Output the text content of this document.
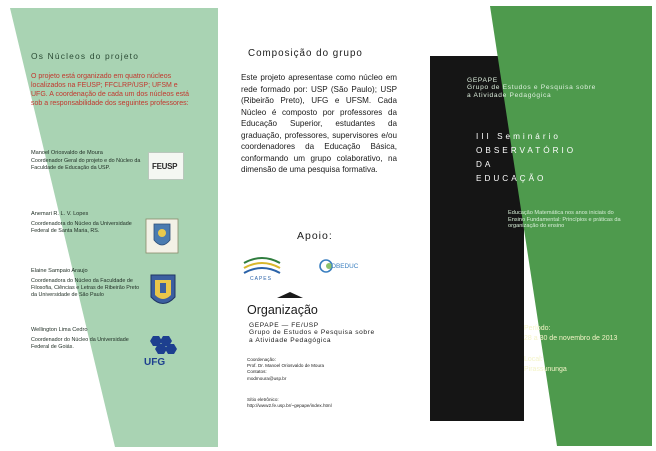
Os Núcleos do projeto
O projeto está organizado em quatro núcleos localizados na FEUSP; FFCLRP/USP; UFSM e UFG. A coordenação de cada um dos núcleos está sob a responsabilidade dos seguintes professores:
Manoel Oriosvaldo de Moura
Coordenador Geral do projeto e do Núcleo da Faculdade de Educação da USP.	FEUSP
Anemari R. L. V. Lopes
Coordenadora do Núcleo da Universidade Federal de Santa Maria, RS.
Elaine Sampaio Araujo
Coordenadora do Núcleo da Faculdade de Filosofia, Ciências e Letras de Ribeirão Preto da Universidade de São Paulo
Wellington Lima Cedro
Coordenador do Núcleo da Universidade Federal de Goiás.
UFG
Composição do grupo
Este projeto apresentase como núcleo em rede formado por: USP (São Paulo); USP (Ribeirão Preto), UFG e UFSM. Cada Núcleo é composto por professores da Educação Superior, estudantes da graduação, professores, supervisores e/ou coordenadores da Educação Básica, conformando um grupo colaborativo, na dimensão de uma pesquisa formativa.
Apoio:
CAPES
OBEDUC
Organização
GEPAPE — FE/USP
Grupo de Estudos e Pesquisa sobre
a Atividade Pedagógica
Coordenação:
Prof. Dr. Manoel Oriosvaldo de Moura
Contatos:
modmoura@usp.br
Sítio eletrônico:
http://www2.fe.usp.br/~gepape/index.html
GEPAPE
Grupo de Estudos e Pesquisa sobre
a Atividade Pedagógica
III Seminário
OBSERVATÓRIO
DA
EDUCAÇÃO
Educação Matemática nos anos iniciais do Ensino Fundamental: Princípios e práticas da organização do ensino
Período:
28 a 30 de novembro de 2013
Local:
Pirassununga
